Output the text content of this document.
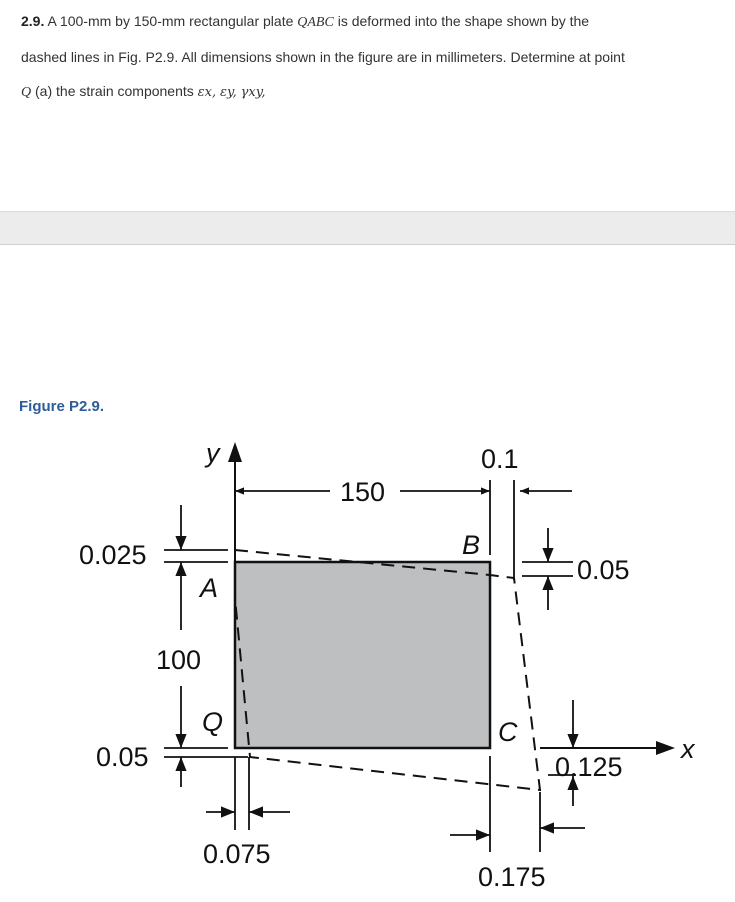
2.9. A 100-mm by 150-mm rectangular plate QABC is deformed into the shape shown by the
dashed lines in Fig. P2.9. All dimensions shown in the figure are in millimeters. Determine at point
Q (a) the strain components εx, εy, γxy,
Figure P2.9.
y
x
150
0.1
B
0.05
0.025
A
100
Q
0.05
0.075
C
0.125
0.175
